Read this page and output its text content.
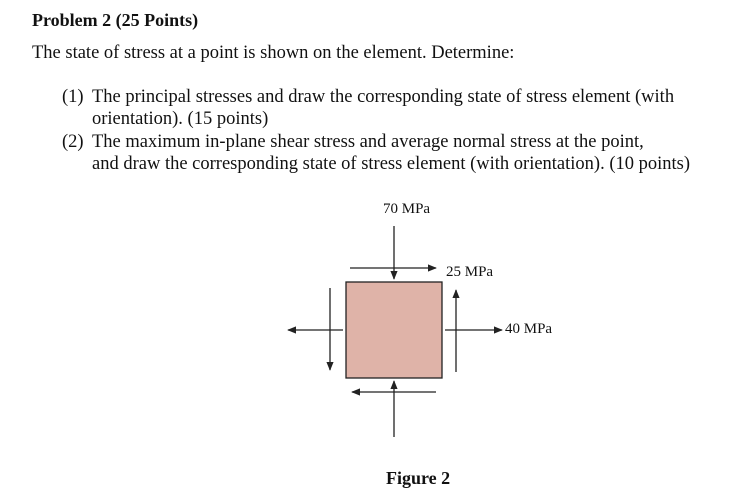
Problem 2 (25 Points)
The state of stress at a point is shown on the element. Determine:
(1) The principal stresses and draw the corresponding state of stress element (with
orientation). (15 points)
(2) The maximum in-plane shear stress and average normal stress at the point,
and draw the corresponding state of stress element (with orientation). (10 points)
70 MPa
25 MPa
40 MPa
Figure 2
